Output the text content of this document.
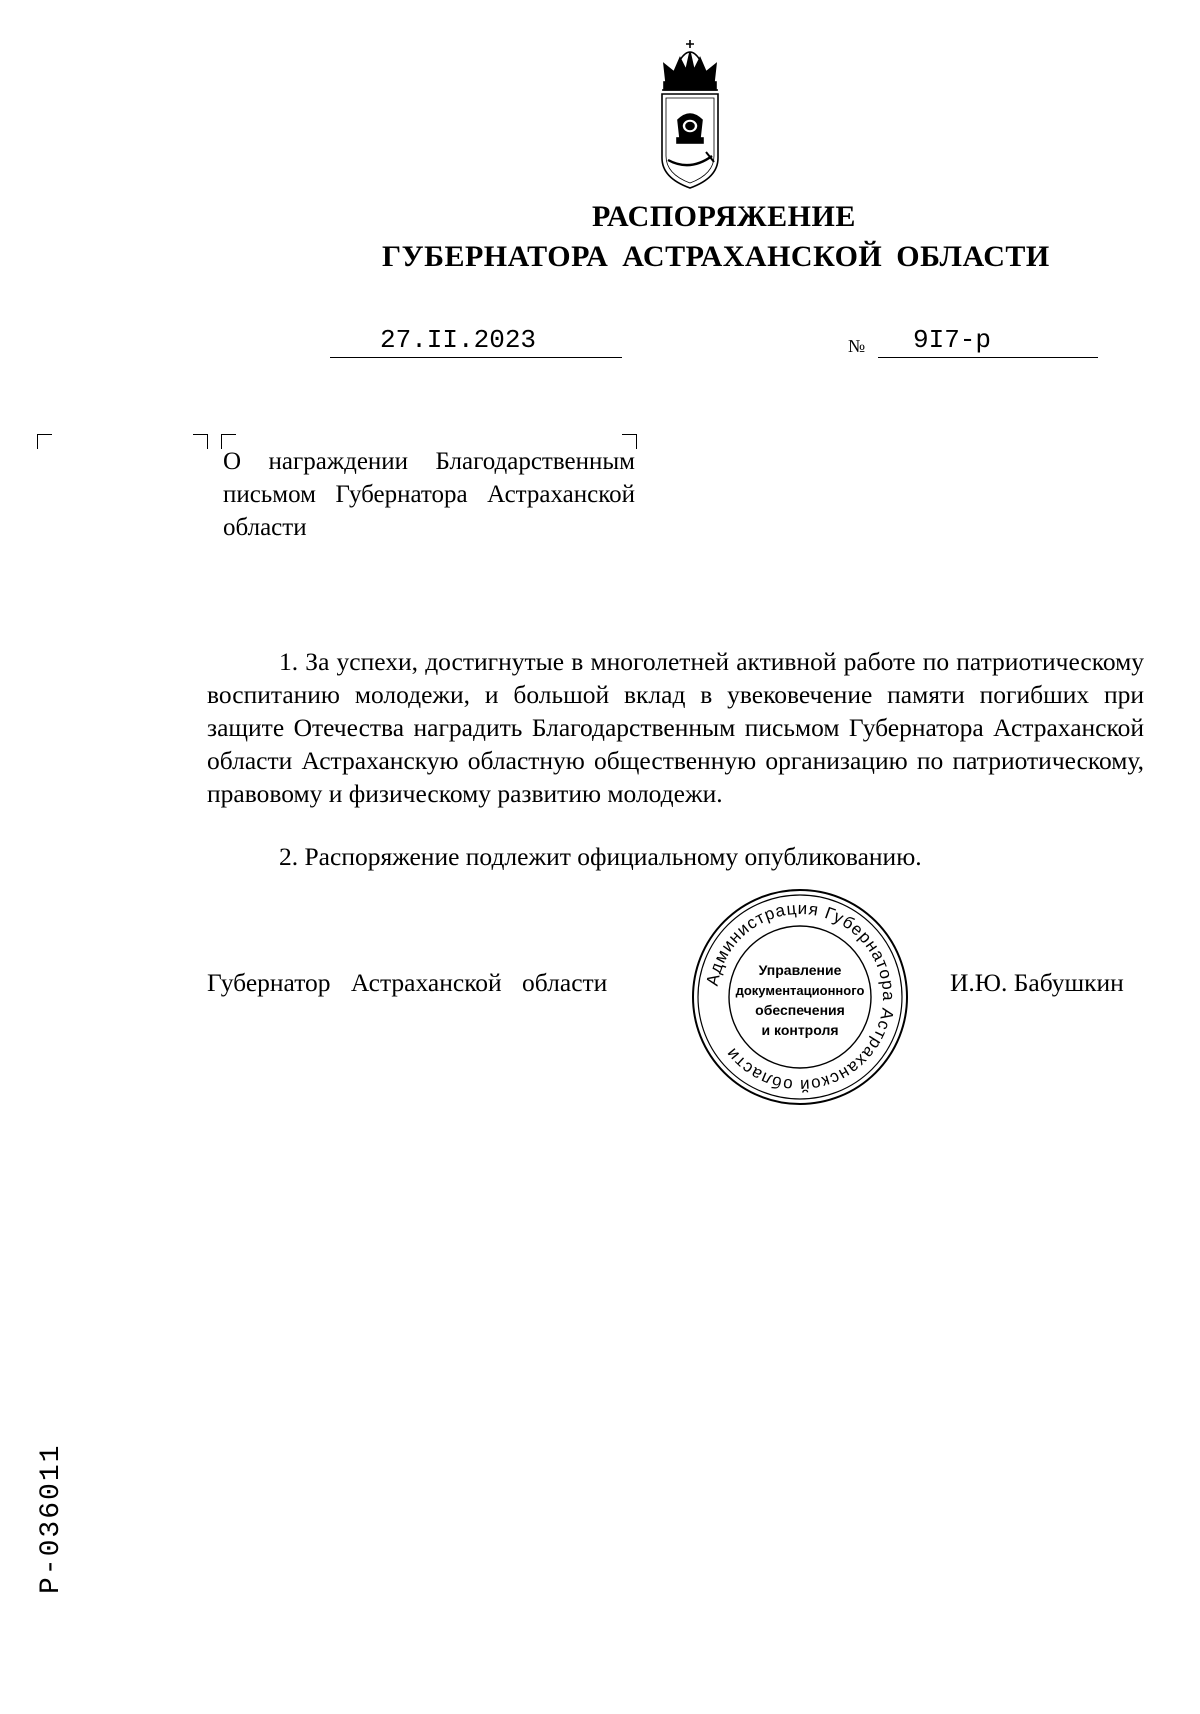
РАСПОРЯЖЕНИЕ
ГУБЕРНАТОРА АСТРАХАНСКОЙ ОБЛАСТИ
27.II.2023	№ 9I7-р
О награждении Благодарственным письмом Губернатора Астраханской области
1. За успехи, достигнутые в многолетней активной работе по патриотическому воспитанию молодежи, и большой вклад в увековечение памяти погибших при защите Отечества наградить Благодарственным письмом Губернатора Астраханской области Астраханскую областную общественную организацию по патриотическому, правовому и физическому развитию молодежи.
2. Распоряжение подлежит официальному опубликованию.
Губернатор Астраханской области	И.Ю. Бабушкин
Администрация Губернатора Астраханской области
Управление
документационного
обеспечения
и контроля
Р-036011
